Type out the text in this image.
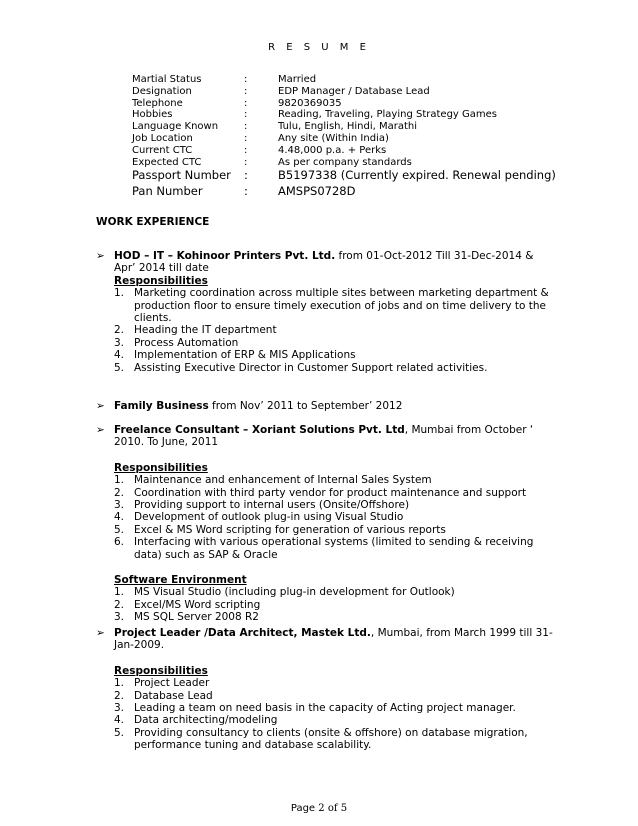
R E S U M E
Martial Status	:	Married
Designation	:	EDP Manager / Database Lead
Telephone	:	9820369035
Hobbies	:	Reading, Traveling, Playing Strategy Games
Language Known	:	Tulu, English, Hindi, Marathi
Job Location	:	Any site (Within India)
Current CTC	:	4.48,000 p.a. + Perks
Expected CTC	:	As per company standards
Passport Number :	B5197338 (Currently expired. Renewal pending)
Pan Number	:	AMSPS0728D
WORK EXPERIENCE
➢ HOD – IT – Kohinoor Printers Pvt. Ltd. from 01-Oct-2012 Till 31-Dec-2014 & Apr’ 2014 till date
Responsibilities
1. Marketing coordination across multiple sites between marketing department & production floor to ensure timely execution of jobs and on time delivery to the clients.
2. Heading the IT department
3. Process Automation
4. Implementation of ERP & MIS Applications
5. Assisting Executive Director in Customer Support related activities.
➢ Family Business from Nov’ 2011 to September’ 2012
➢ Freelance Consultant – Xoriant Solutions Pvt. Ltd, Mumbai from October ‘ 2010. To June, 2011
Responsibilities
1. Maintenance and enhancement of Internal Sales System
2. Coordination with third party vendor for product maintenance and support
3. Providing support to internal users (Onsite/Offshore)
4. Development of outlook plug-in using Visual Studio
5. Excel & MS Word scripting for generation of various reports
6. Interfacing with various operational systems (limited to sending & receiving data) such as SAP & Oracle
Software Environment
1. MS Visual Studio (including plug-in development for Outlook)
2. Excel/MS Word scripting
3. MS SQL Server 2008 R2
➢ Project Leader /Data Architect, Mastek Ltd., Mumbai, from March 1999 till 31-Jan-2009.
Responsibilities
1. Project Leader
2. Database Lead
3. Leading a team on need basis in the capacity of Acting project manager.
4. Data architecting/modeling
5. Providing consultancy to clients (onsite & offshore) on database migration, performance tuning and database scalability.
Page 2 of 5
